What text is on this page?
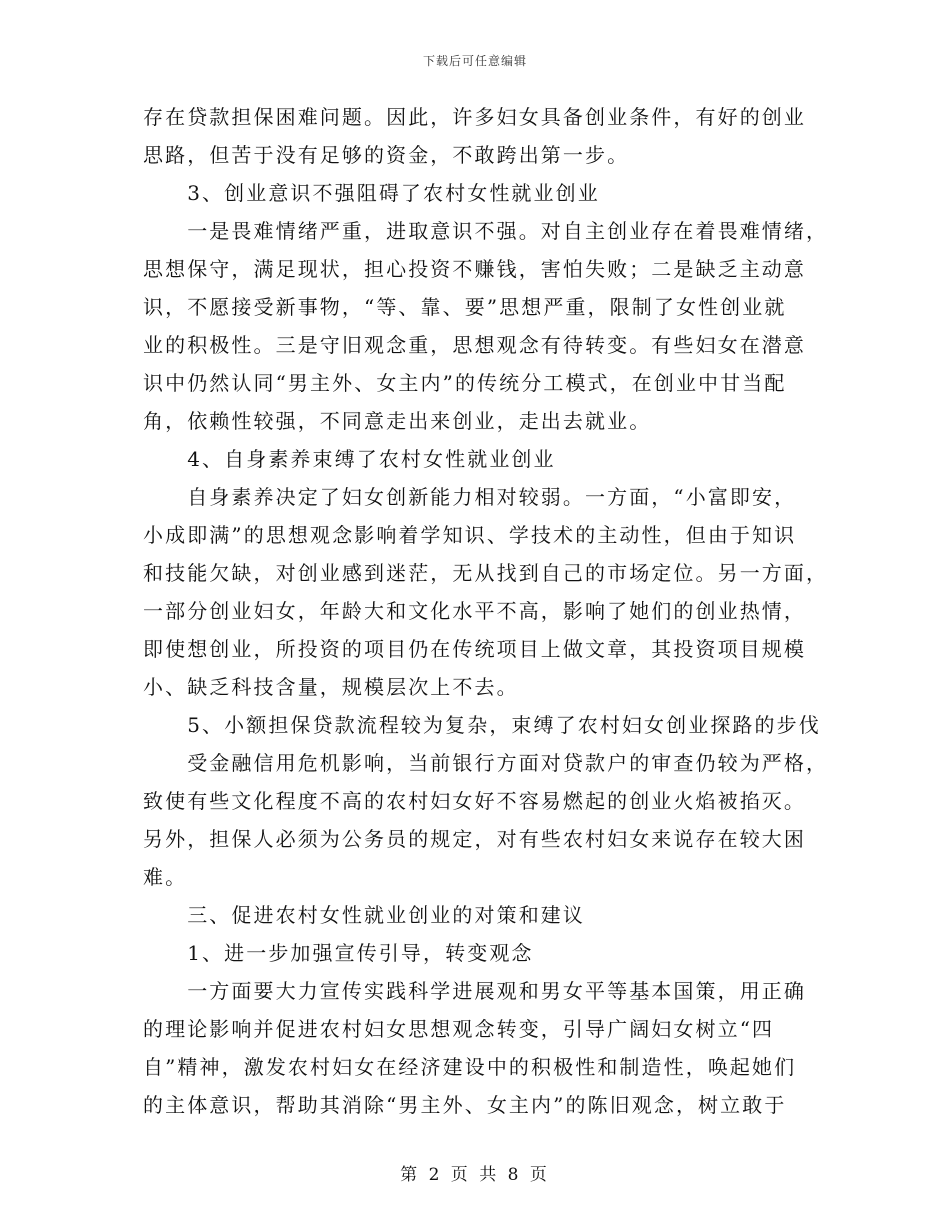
下载后可任意编辑
存在贷款担保困难问题。因此，许多妇女具备创业条件，有好的创业
思路，但苦于没有足够的资金，不敢跨出第一步。
　　3、创业意识不强阻碍了农村女性就业创业
　　一是畏难情绪严重，进取意识不强。对自主创业存在着畏难情绪，
思想保守，满足现状，担心投资不赚钱，害怕失败；二是缺乏主动意
识，不愿接受新事物，“等、靠、要”思想严重，限制了女性创业就
业的积极性。三是守旧观念重，思想观念有待转变。有些妇女在潜意
识中仍然认同“男主外、女主内”的传统分工模式，在创业中甘当配
角，依赖性较强，不同意走出来创业，走出去就业。
　　4、自身素养束缚了农村女性就业创业
　　自身素养决定了妇女创新能力相对较弱。一方面，“小富即安，
小成即满”的思想观念影响着学知识、学技术的主动性，但由于知识
和技能欠缺，对创业感到迷茫，无从找到自己的市场定位。另一方面，
一部分创业妇女，年龄大和文化水平不高，影响了她们的创业热情，
即使想创业，所投资的项目仍在传统项目上做文章，其投资项目规模
小、缺乏科技含量，规模层次上不去。
　　5、小额担保贷款流程较为复杂，束缚了农村妇女创业探路的步伐
　　受金融信用危机影响，当前银行方面对贷款户的审查仍较为严格，
致使有些文化程度不高的农村妇女好不容易燃起的创业火焰被掐灭。
另外，担保人必须为公务员的规定，对有些农村妇女来说存在较大困
难。
　　三、促进农村女性就业创业的对策和建议
　　1、进一步加强宣传引导，转变观念
　　一方面要大力宣传实践科学进展观和男女平等基本国策，用正确
的理论影响并促进农村妇女思想观念转变，引导广阔妇女树立“四
自”精神，激发农村妇女在经济建设中的积极性和制造性，唤起她们
的主体意识，帮助其消除“男主外、女主内”的陈旧观念，树立敢于
第 2 页 共 8 页
